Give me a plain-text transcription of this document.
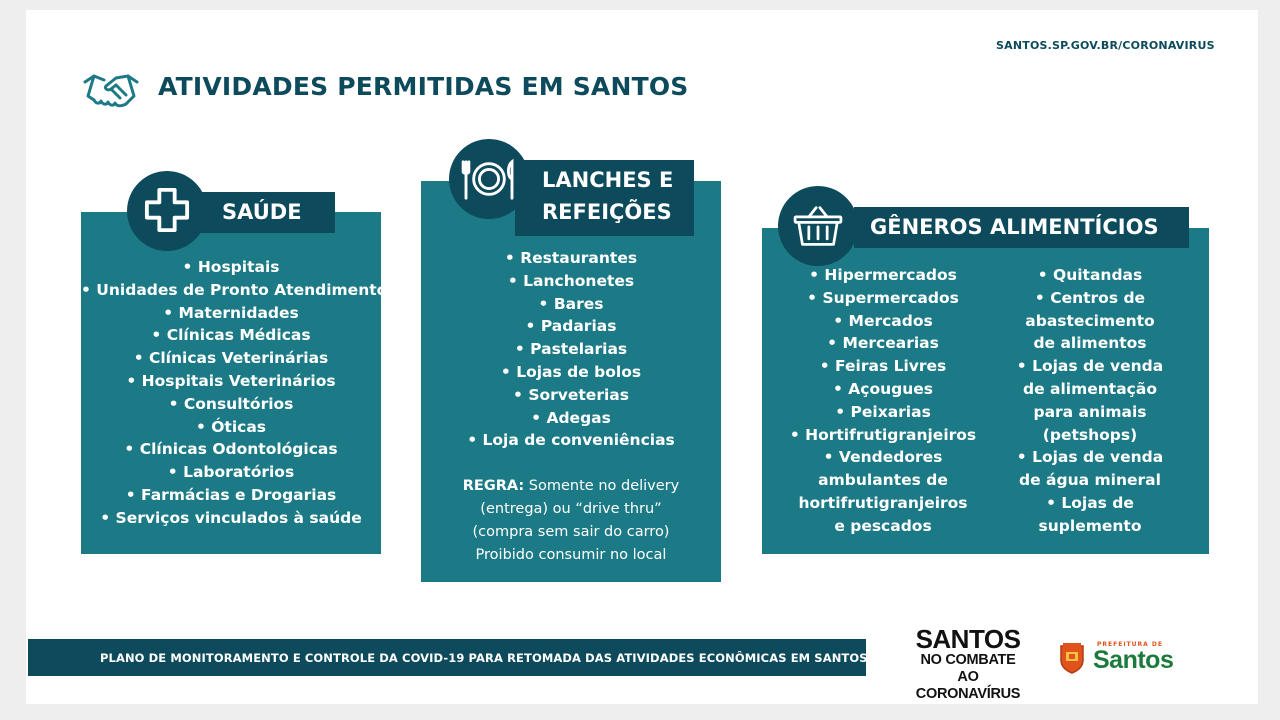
SANTOS.SP.GOV.BR/CORONAVIRUS
ATIVIDADES PERMITIDAS EM SANTOS
SAÚDE
• Hospitais
• Unidades de Pronto Atendimento
• Maternidades
• Clínicas Médicas
• Clínicas Veterinárias
• Hospitais Veterinários
• Consultórios
• Óticas
• Clínicas Odontológicas
• Laboratórios
• Farmácias e Drogarias
• Serviços vinculados à saúde
LANCHES E
REFEIÇÕES
• Restaurantes
• Lanchonetes
• Bares
• Padarias
• Pastelarias
• Lojas de bolos
• Sorveterias
• Adegas
• Loja de conveniências
REGRA: Somente no delivery
(entrega) ou “drive thru”
(compra sem sair do carro)
Proibido consumir no local
GÊNEROS ALIMENTÍCIOS
• Hipermercados
• Supermercados
• Mercados
• Mercearias
• Feiras Livres
• Açougues
• Peixarias
• Hortifrutigranjeiros
• Vendedores
ambulantes de
hortifrutigranjeiros
e pescados
• Quitandas
• Centros de
abastecimento
de alimentos
• Lojas de venda
de alimentação
para animais
(petshops)
• Lojas de venda
de água mineral
• Lojas de
suplemento
PLANO DE MONITORAMENTO E CONTROLE DA COVID-19 PARA RETOMADA DAS ATIVIDADES ECONÔMICAS EM SANTOS
SANTOS
NO COMBATE
AO CORONAVÍRUS
PREFEITURA DE
Santos
